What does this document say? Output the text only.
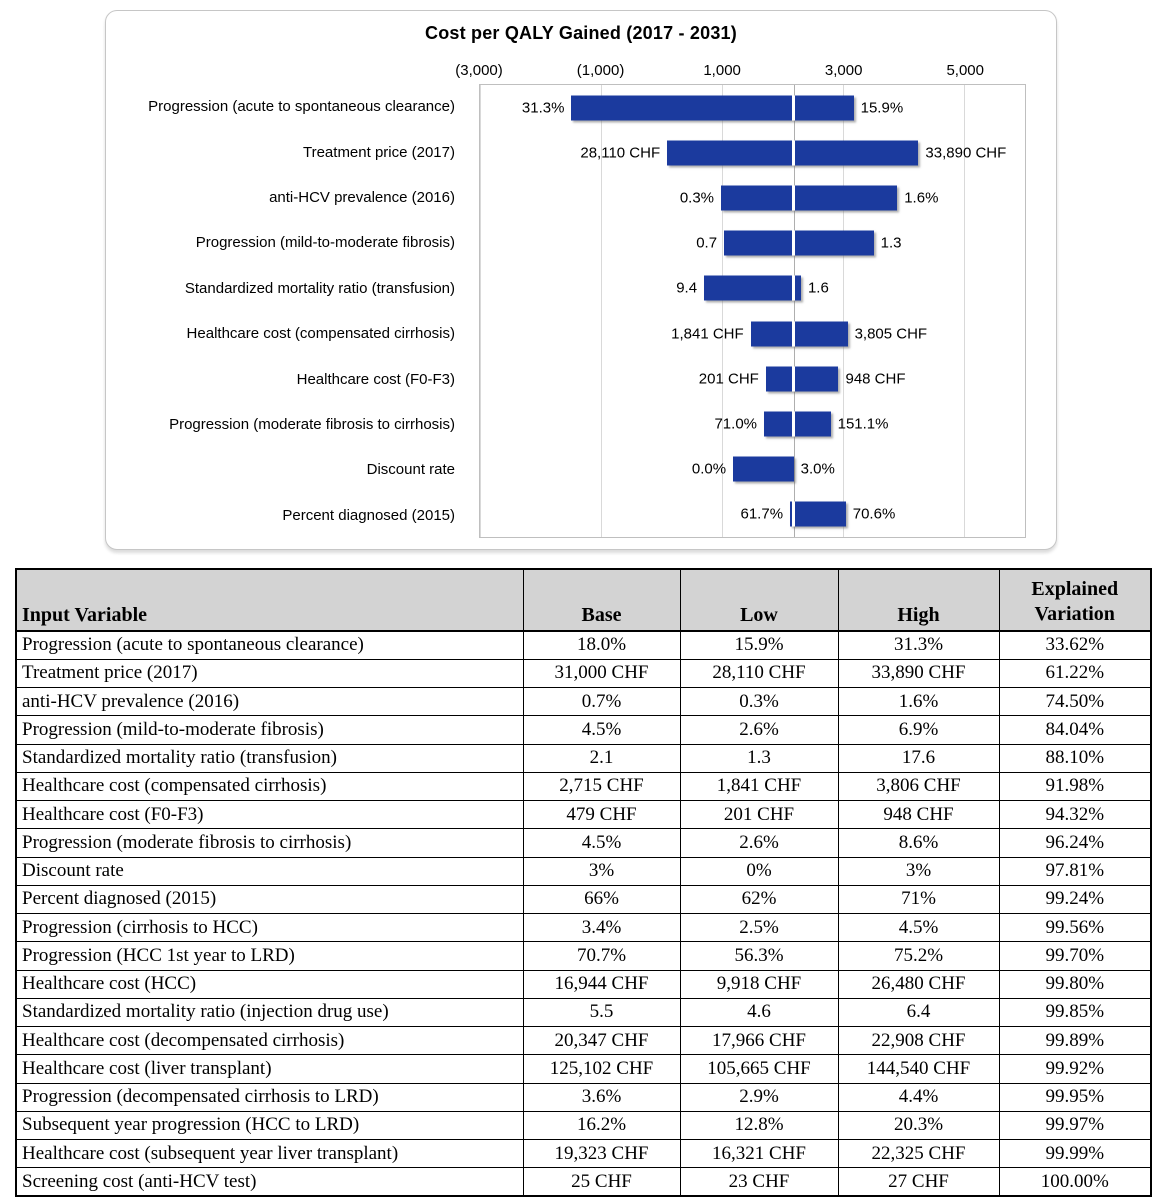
Cost per QALY Gained (2017 - 2031)
(3,000)	(1,000)	1,000	3,000	5,000
Progression (acute to spontaneous clearance)
Treatment price (2017)
anti-HCV prevalence (2016)
Progression (mild-to-moderate fibrosis)
Standardized mortality ratio (transfusion)
Healthcare cost (compensated cirrhosis)
Healthcare cost (F0-F3)
Progression (moderate fibrosis to cirrhosis)
Discount rate
Percent diagnosed (2015)
31.3%	15.9%
28,110 CHF	33,890 CHF
0.3%	1.6%
0.7	1.3
9.4	1.6
1,841 CHF	3,805 CHF
201 CHF	948 CHF
71.0%	151.1%
0.0%	3.0%
61.7%	70.6%
Input Variable	Base	Low	High	Explained Variation
Progression (acute to spontaneous clearance)	18.0%	15.9%	31.3%	33.62%
Treatment price (2017)	31,000 CHF	28,110 CHF	33,890 CHF	61.22%
anti-HCV prevalence (2016)	0.7%	0.3%	1.6%	74.50%
Progression (mild-to-moderate fibrosis)	4.5%	2.6%	6.9%	84.04%
Standardized mortality ratio (transfusion)	2.1	1.3	17.6	88.10%
Healthcare cost (compensated cirrhosis)	2,715 CHF	1,841 CHF	3,806 CHF	91.98%
Healthcare cost (F0-F3)	479 CHF	201 CHF	948 CHF	94.32%
Progression (moderate fibrosis to cirrhosis)	4.5%	2.6%	8.6%	96.24%
Discount rate	3%	0%	3%	97.81%
Percent diagnosed (2015)	66%	62%	71%	99.24%
Progression (cirrhosis to HCC)	3.4%	2.5%	4.5%	99.56%
Progression (HCC 1st year to LRD)	70.7%	56.3%	75.2%	99.70%
Healthcare cost (HCC)	16,944 CHF	9,918 CHF	26,480 CHF	99.80%
Standardized mortality ratio (injection drug use)	5.5	4.6	6.4	99.85%
Healthcare cost (decompensated cirrhosis)	20,347 CHF	17,966 CHF	22,908 CHF	99.89%
Healthcare cost (liver transplant)	125,102 CHF	105,665 CHF	144,540 CHF	99.92%
Progression (decompensated cirrhosis to LRD)	3.6%	2.9%	4.4%	99.95%
Subsequent year progression (HCC to LRD)	16.2%	12.8%	20.3%	99.97%
Healthcare cost (subsequent year liver transplant)	19,323 CHF	16,321 CHF	22,325 CHF	99.99%
Screening cost (anti-HCV test)	25 CHF	23 CHF	27 CHF	100.00%
